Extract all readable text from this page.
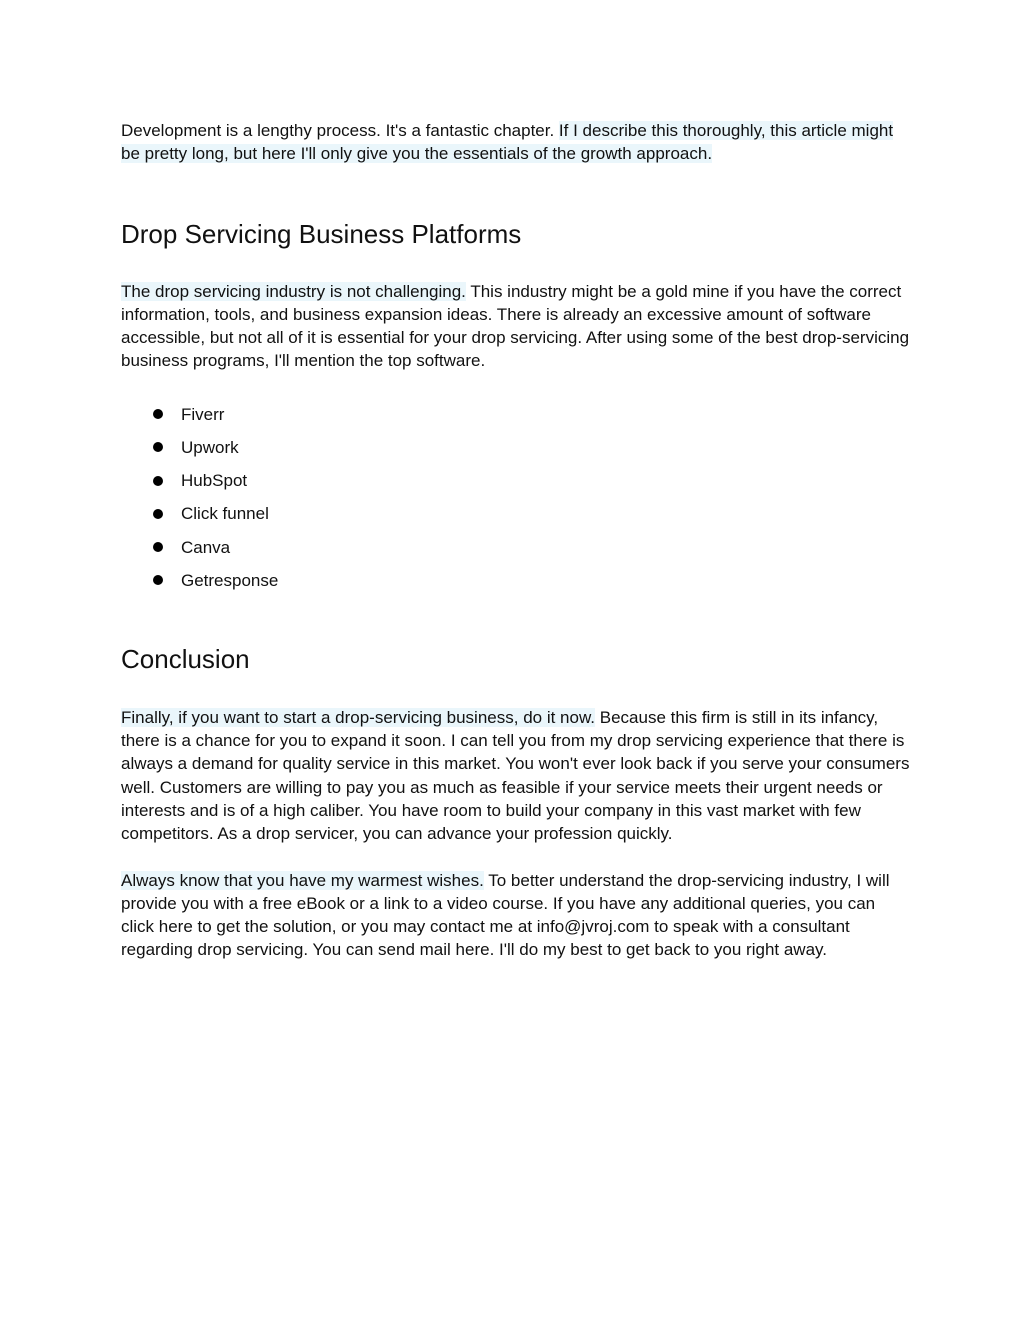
Development is a lengthy process. It's a fantastic chapter. If I describe this thoroughly, this article might be pretty long, but here I'll only give you the essentials of the growth approach.

Drop Servicing Business Platforms

The drop servicing industry is not challenging. This industry might be a gold mine if you have the correct information, tools, and business expansion ideas. There is already an excessive amount of software accessible, but not all of it is essential for your drop servicing. After using some of the best drop-servicing business programs, I'll mention the top software.

Fiverr
Upwork
HubSpot
Click funnel
Canva
Getresponse
Conclusion

Finally, if you want to start a drop-servicing business, do it now. Because this firm is still in its infancy, there is a chance for you to expand it soon. I can tell you from my drop servicing experience that there is always a demand for quality service in this market. You won't ever look back if you serve your consumers well. Customers are willing to pay you as much as feasible if your service meets their urgent needs or interests and is of a high caliber. You have room to build your company in this vast market with few competitors. As a drop servicer, you can advance your profession quickly.

Always know that you have my warmest wishes. To better understand the drop-servicing industry, I will provide you with a free eBook or a link to a video course. If you have any additional queries, you can click here to get the solution, or you may contact me at info@jvroj.com to speak with a consultant regarding drop servicing. You can send mail here. I'll do my best to get back to you right away.
